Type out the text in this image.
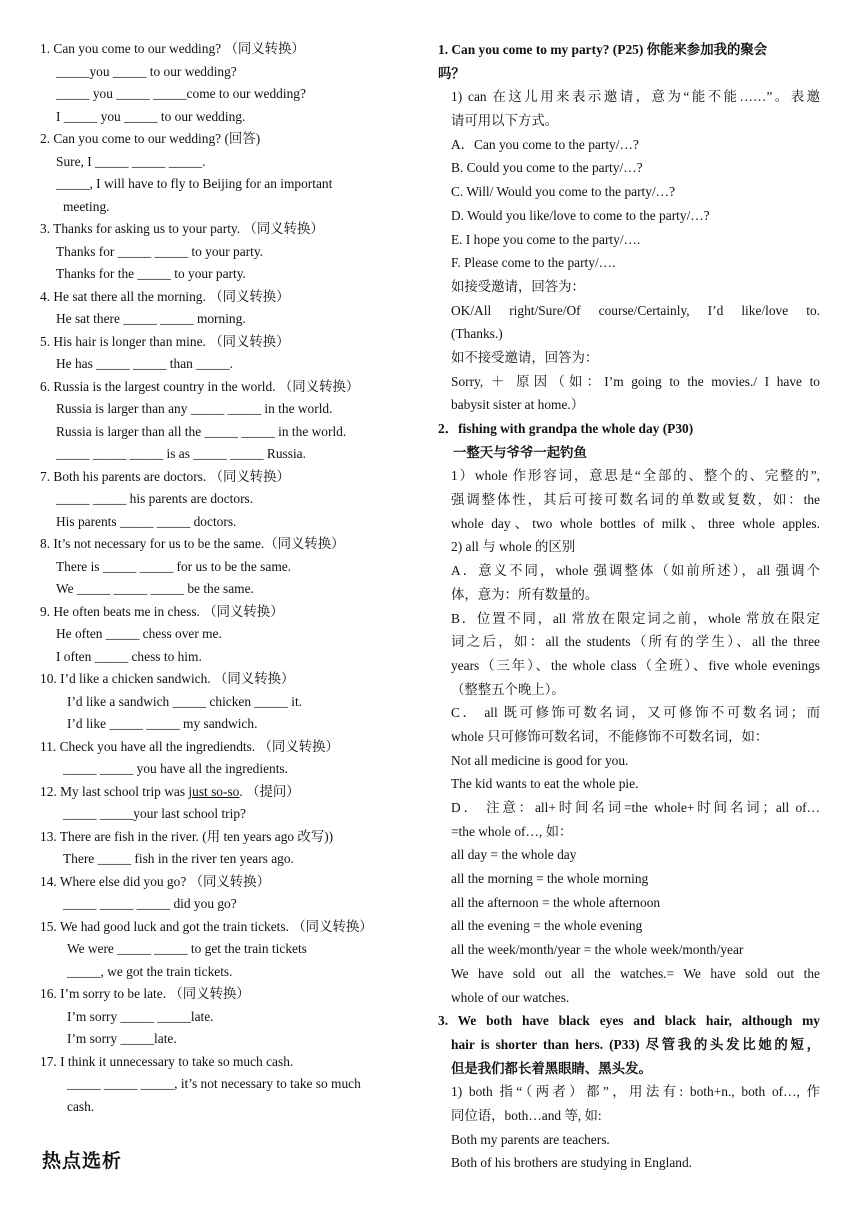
1. Can you come to our wedding? （同义转换）
_____you _____ to our wedding?
_____ you _____ _____come to our wedding?
I _____ you _____ to our wedding.
2. Can you come to our wedding? (回答)
Sure, I _____ _____ _____.
_____, I will have to fly to Beijing for an important
meeting.
3. Thanks for asking us to your party. （同义转换）
Thanks for _____ _____ to your party.
Thanks for the _____ to your party.
4. He sat there all the morning. （同义转换）
He sat there _____ _____ morning.
5. His hair is longer than mine. （同义转换）
He has _____ _____ than _____.
6. Russia is the largest country in the world. （同义转换）
Russia is larger than any _____ _____ in the world.
Russia is larger than all the _____ _____ in the world.
_____ _____ _____ is as _____ _____ Russia.
7. Both his parents are doctors. （同义转换）
_____ _____ his parents are doctors.
His parents _____ _____ doctors.
8. It’s not necessary for us to be the same.（同义转换）
There is _____ _____ for us to be the same.
We _____ _____ _____ be the same.
9. He often beats me in chess. （同义转换）
He often _____ chess over me.
I often _____ chess to him.
10. I’d like a chicken sandwich. （同义转换）
I’d like a sandwich _____ chicken _____ it.
I’d like _____ _____ my sandwich.
11. Check you have all the ingrediendts. （同义转换）
_____ _____ you have all the ingredients.
12. My last school trip was just so-so. （提问）
_____ _____your last school trip?
13. There are fish in the river. (用 ten years ago 改写))
There _____ fish in the river ten years ago.
14. Where else did you go? （同义转换）
_____ _____ _____ did you go?
15. We had good luck and got the train tickets. （同义转换）
We were _____ _____ to get the train tickets
_____, we got the train tickets.
16. I’m sorry to be late. （同义转换）
I’m sorry _____ _____late.
I’m sorry _____late.
17. I think it unnecessary to take so much cash.
_____ _____ _____, it’s not necessary to take so much
cash.
热点选析
1. Can you come to my party? (P25) 你能来参加我的聚会
吗？
1) can 在这儿用来表示邀请，意为“能不能……”。表邀
请可用以下方式。
A．Can you come to the party/…?
B. Could you come to the party/…?
C. Will/ Would you come to the party/…?
D. Would you like/love to come to the party/…?
E. I hope you come to the party/….
F. Please come to the party/….
如接受邀请，回答为：
OK/All right/Sure/Of course/Certainly, I’d like/love to.
(Thanks.)
如不接受邀请，回答为：
Sorry, ＋ 原因（如：I’m going to the movies./ I have to
babysit sister at home.）
2．fishing with grandpa the whole day (P30)
一整天与爷爷一起钓鱼
1）whole 作形容词，意思是“全部的、整个的、完整的”,
强调整体性，其后可接可数名词的单数或复数，如：the
whole day、two whole bottles of milk、three whole apples.
2) all 与 whole 的区别
A．意义不同，whole 强调整体（如前所述），all 强调个
体，意为：所有数量的。
B．位置不同，all 常放在限定词之前，whole 常放在限定
词之后，如：all the students（所有的学生）、all the three
years（三年）、the whole class（全班）、five whole evenings
（整整五个晚上）。
C． all 既可修饰可数名词，又可修饰不可数名词；而
whole 只可修饰可数名词，不能修饰不可数名词，如：
Not all medicine is good for you.
The kid wants to eat the whole pie.
D． 注意：all+时间名词=the whole+时间名词；all of…
=the whole of…, 如：
all day = the whole day
all the morning = the whole morning
all the afternoon = the whole afternoon
all the evening = the whole evening
all the week/month/year = the whole week/month/year
We have sold out all the watches.= We have sold out the
whole of our watches.
3. We both have black eyes and black hair, although my
hair is shorter than hers. (P33) 尽管我的头发比她的短，
但是我们都长着黑眼睛、黑头发。
1) both 指“（两者）都”，用法有: both+n., both of…, 作
同位语，both…and 等, 如:
Both my parents are teachers.
Both of his brothers are studying in England.
